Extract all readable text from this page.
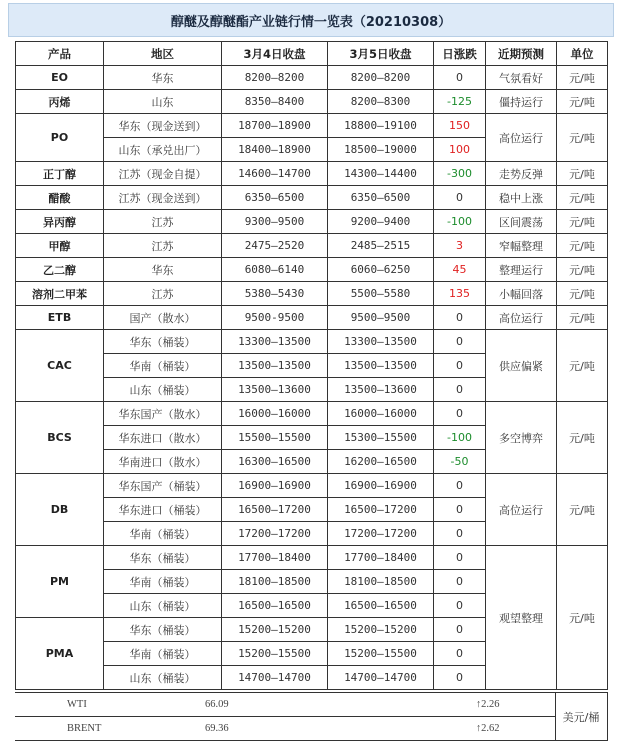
醇醚及醇醚酯产业链行情一览表（20210308）
产品	地区	3月4日收盘	3月5日收盘	日涨跌	近期预测	单位
EO	华东	8200—8200	8200—8200	0	气氛看好	元/吨
丙烯	山东	8350—8400	8200—8300	-125	僵持运行	元/吨
PO	华东（现金送到）	18700—18900	18800—19100	150	高位运行	元/吨
	山东（承兑出厂）	18400—18900	18500—19000	100		
正丁醇	江苏（现金自提）	14600—14700	14300—14400	-300	走势反弹	元/吨
醋酸	江苏（现金送到）	6350—6500	6350—6500	0	稳中上涨	元/吨
异丙醇	江苏	9300—9500	9200—9400	-100	区间震荡	元/吨
甲醇	江苏	2475—2520	2485—2515	3	窄幅整理	元/吨
乙二醇	华东	6080—6140	6060—6250	45	整理运行	元/吨
溶剂二甲苯	江苏	5380—5430	5500—5580	135	小幅回落	元/吨
ETB	国产（散水）	9500-9500	9500—9500	0	高位运行	元/吨
CAC	华东（桶装）	13300—13500	13300—13500	0	供应偏紧	元/吨
	华南（桶装）	13500—13500	13500—13500	0		
	山东（桶装）	13500—13600	13500—13600	0		
BCS	华东国产（散水）	16000—16000	16000—16000	0	多空博弈	元/吨
	华东进口（散水）	15500—15500	15300—15500	-100		
	华南进口（散水）	16300—16500	16200—16500	-50		
DB	华东国产（桶装）	16900—16900	16900—16900	0	高位运行	元/吨
	华东进口（桶装）	16500—17200	16500—17200	0		
	华南（桶装）	17200—17200	17200—17200	0		
PM	华东（桶装）	17700—18400	17700—18400	0	观望整理	元/吨
	华南（桶装）	18100—18500	18100—18500	0		
	山东（桶装）	16500—16500	16500—16500	0		
PMA	华东（桶装）	15200—15200	15200—15200	0		
	华南（桶装）	15200—15500	15200—15500	0		
	山东（桶装）	14700—14700	14700—14700	0		
WTI	66.09	↑2.26	美元/桶
BRENT	69.36	↑2.62	
